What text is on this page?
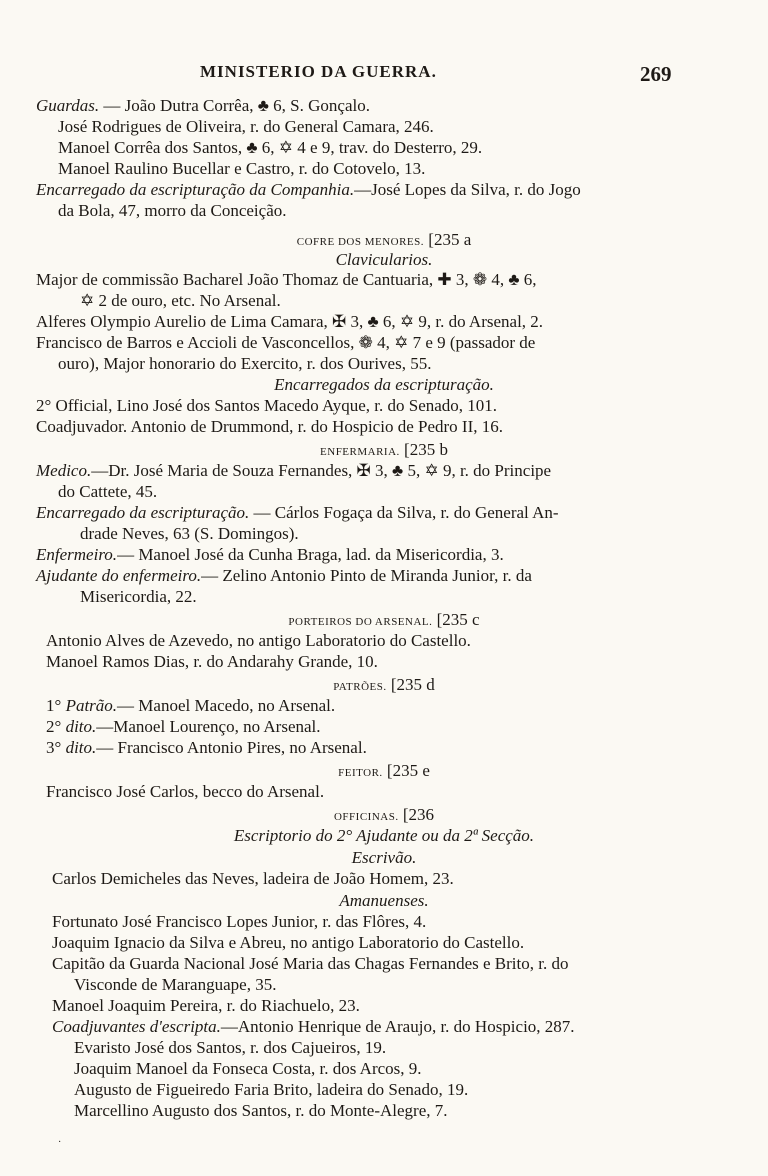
MINISTERIO DA GUERRA.	269
Guardas. — João Dutra Corrêa, ♣ 6, S. Gonçalo.
José Rodrigues de Oliveira, r. do General Camara, 246.
Manoel Corrêa dos Santos, ♣ 6, ✡ 4 e 9, trav. do Desterro, 29.
Manoel Raulino Bucellar e Castro, r. do Cotovelo, 13.
Encarregado da escripturação da Companhia.—José Lopes da Silva, r. do Jogo
da Bola, 47, morro da Conceição.
COFRE DOS MENORES. [235 a
Clavicularios.
Major de commissão Bacharel João Thomaz de Cantuaria, ✚ 3, ❁ 4, ♣ 6,
✡ 2 de ouro, etc. No Arsenal.
Alferes Olympio Aurelio de Lima Camara, ✠ 3, ♣ 6, ✡ 9, r. do Arsenal, 2.
Francisco de Barros e Accioli de Vasconcellos, ❁ 4, ✡ 7 e 9 (passador de
ouro), Major honorario do Exercito, r. dos Ourives, 55.
Encarregados da escripturação.
2° Official, Lino José dos Santos Macedo Ayque, r. do Senado, 101.
Coadjuvador. Antonio de Drummond, r. do Hospicio de Pedro II, 16.
ENFERMARIA. [235 b
Medico.—Dr. José Maria de Souza Fernandes, ✠ 3, ♣ 5, ✡ 9, r. do Principe
do Cattete, 45.
Encarregado da escripturação. — Cárlos Fogaça da Silva, r. do General An-
drade Neves, 63 (S. Domingos).
Enfermeiro.— Manoel José da Cunha Braga, lad. da Misericordia, 3.
Ajudante do enfermeiro.— Zelino Antonio Pinto de Miranda Junior, r. da
Misericordia, 22.
PORTEIROS DO ARSENAL. [235 c
Antonio Alves de Azevedo, no antigo Laboratorio do Castello.
Manoel Ramos Dias, r. do Andarahy Grande, 10.
PATRÕES. [235 d
1° Patrão.— Manoel Macedo, no Arsenal.
2° dito.—Manoel Lourenço, no Arsenal.
3° dito.— Francisco Antonio Pires, no Arsenal.
FEITOR. [235 e
Francisco José Carlos, becco do Arsenal.
OFFICINAS. [236
Escriptorio do 2° Ajudante ou da 2ª Secção.
Escrivão.
Carlos Demicheles das Neves, ladeira de João Homem, 23.
Amanuenses.
Fortunato José Francisco Lopes Junior, r. das Flôres, 4.
Joaquim Ignacio da Silva e Abreu, no antigo Laboratorio do Castello.
Capitão da Guarda Nacional José Maria das Chagas Fernandes e Brito, r. do
Visconde de Maranguape, 35.
Manoel Joaquim Pereira, r. do Riachuelo, 23.
Coadjuvantes d'escripta.—Antonio Henrique de Araujo, r. do Hospicio, 287.
Evaristo José dos Santos, r. dos Cajueiros, 19.
Joaquim Manoel da Fonseca Costa, r. dos Arcos, 9.
Augusto de Figueiredo Faria Brito, ladeira do Senado, 19.
Marcellino Augusto dos Santos, r. do Monte-Alegre, 7.
·
